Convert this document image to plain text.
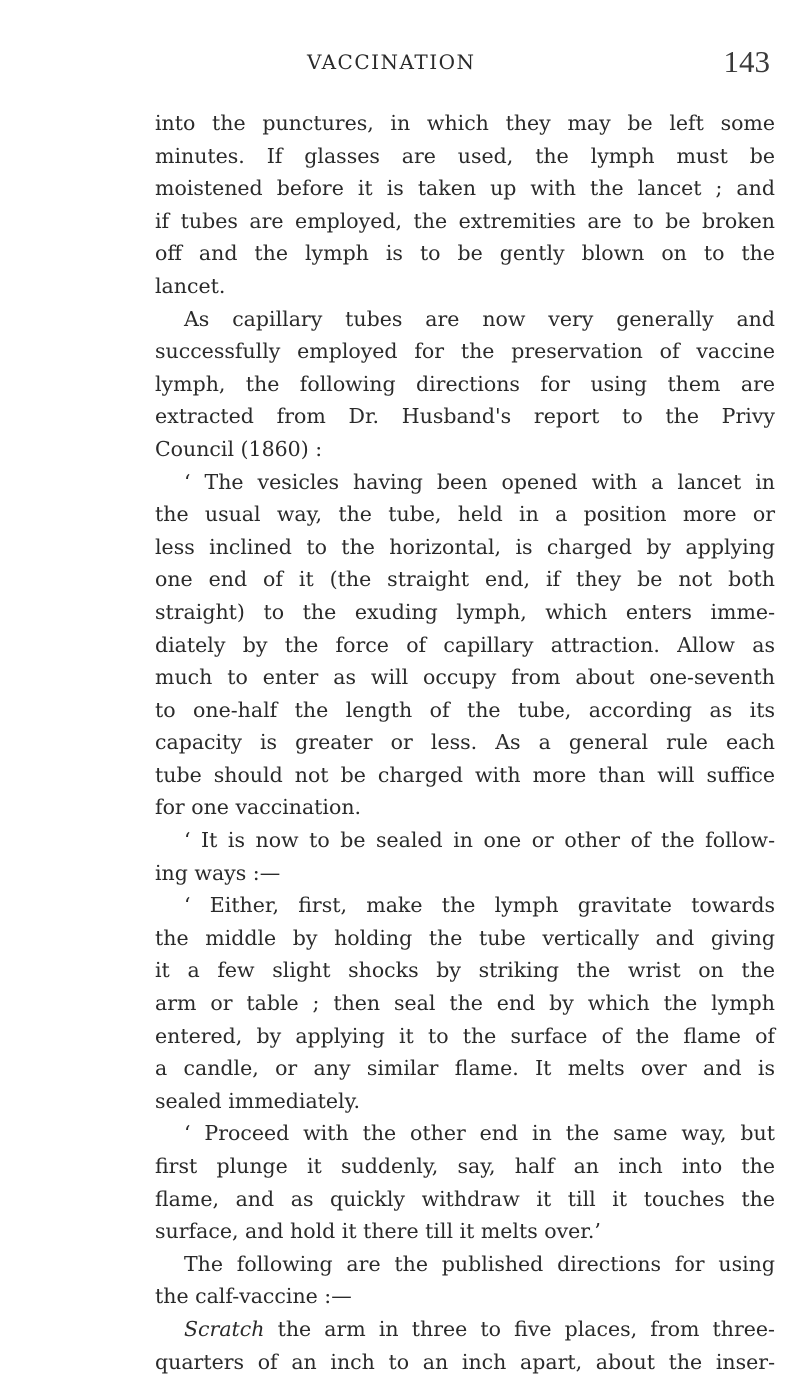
VACCINATION	143
into the punctures, in which they may be left some
minutes. If glasses are used, the lymph must be
moistened before it is taken up with the lancet ; and
if tubes are employed, the extremities are to be broken
off and the lymph is to be gently blown on to the
lancet.
As capillary tubes are now very generally and
successfully employed for the preservation of vaccine
lymph, the following directions for using them are
extracted from Dr. Husband's report to the Privy
Council (1860) :
‘ The vesicles having been opened with a lancet in
the usual way, the tube, held in a position more or
less inclined to the horizontal, is charged by applying
one end of it (the straight end, if they be not both
straight) to the exuding lymph, which enters imme-
diately by the force of capillary attraction. Allow as
much to enter as will occupy from about one-seventh
to one-half the length of the tube, according as its
capacity is greater or less. As a general rule each
tube should not be charged with more than will suffice
for one vaccination.
‘ It is now to be sealed in one or other of the follow-
ing ways :—
‘ Either, first, make the lymph gravitate towards
the middle by holding the tube vertically and giving
it a few slight shocks by striking the wrist on the
arm or table ; then seal the end by which the lymph
entered, by applying it to the surface of the flame of
a candle, or any similar flame. It melts over and is
sealed immediately.
‘ Proceed with the other end in the same way, but
first plunge it suddenly, say, half an inch into the
flame, and as quickly withdraw it till it touches the
surface, and hold it there till it melts over.’
The following are the published directions for using
the calf-vaccine :—
Scratch the arm in three to five places, from three-
quarters of an inch to an inch apart, about the inser-
